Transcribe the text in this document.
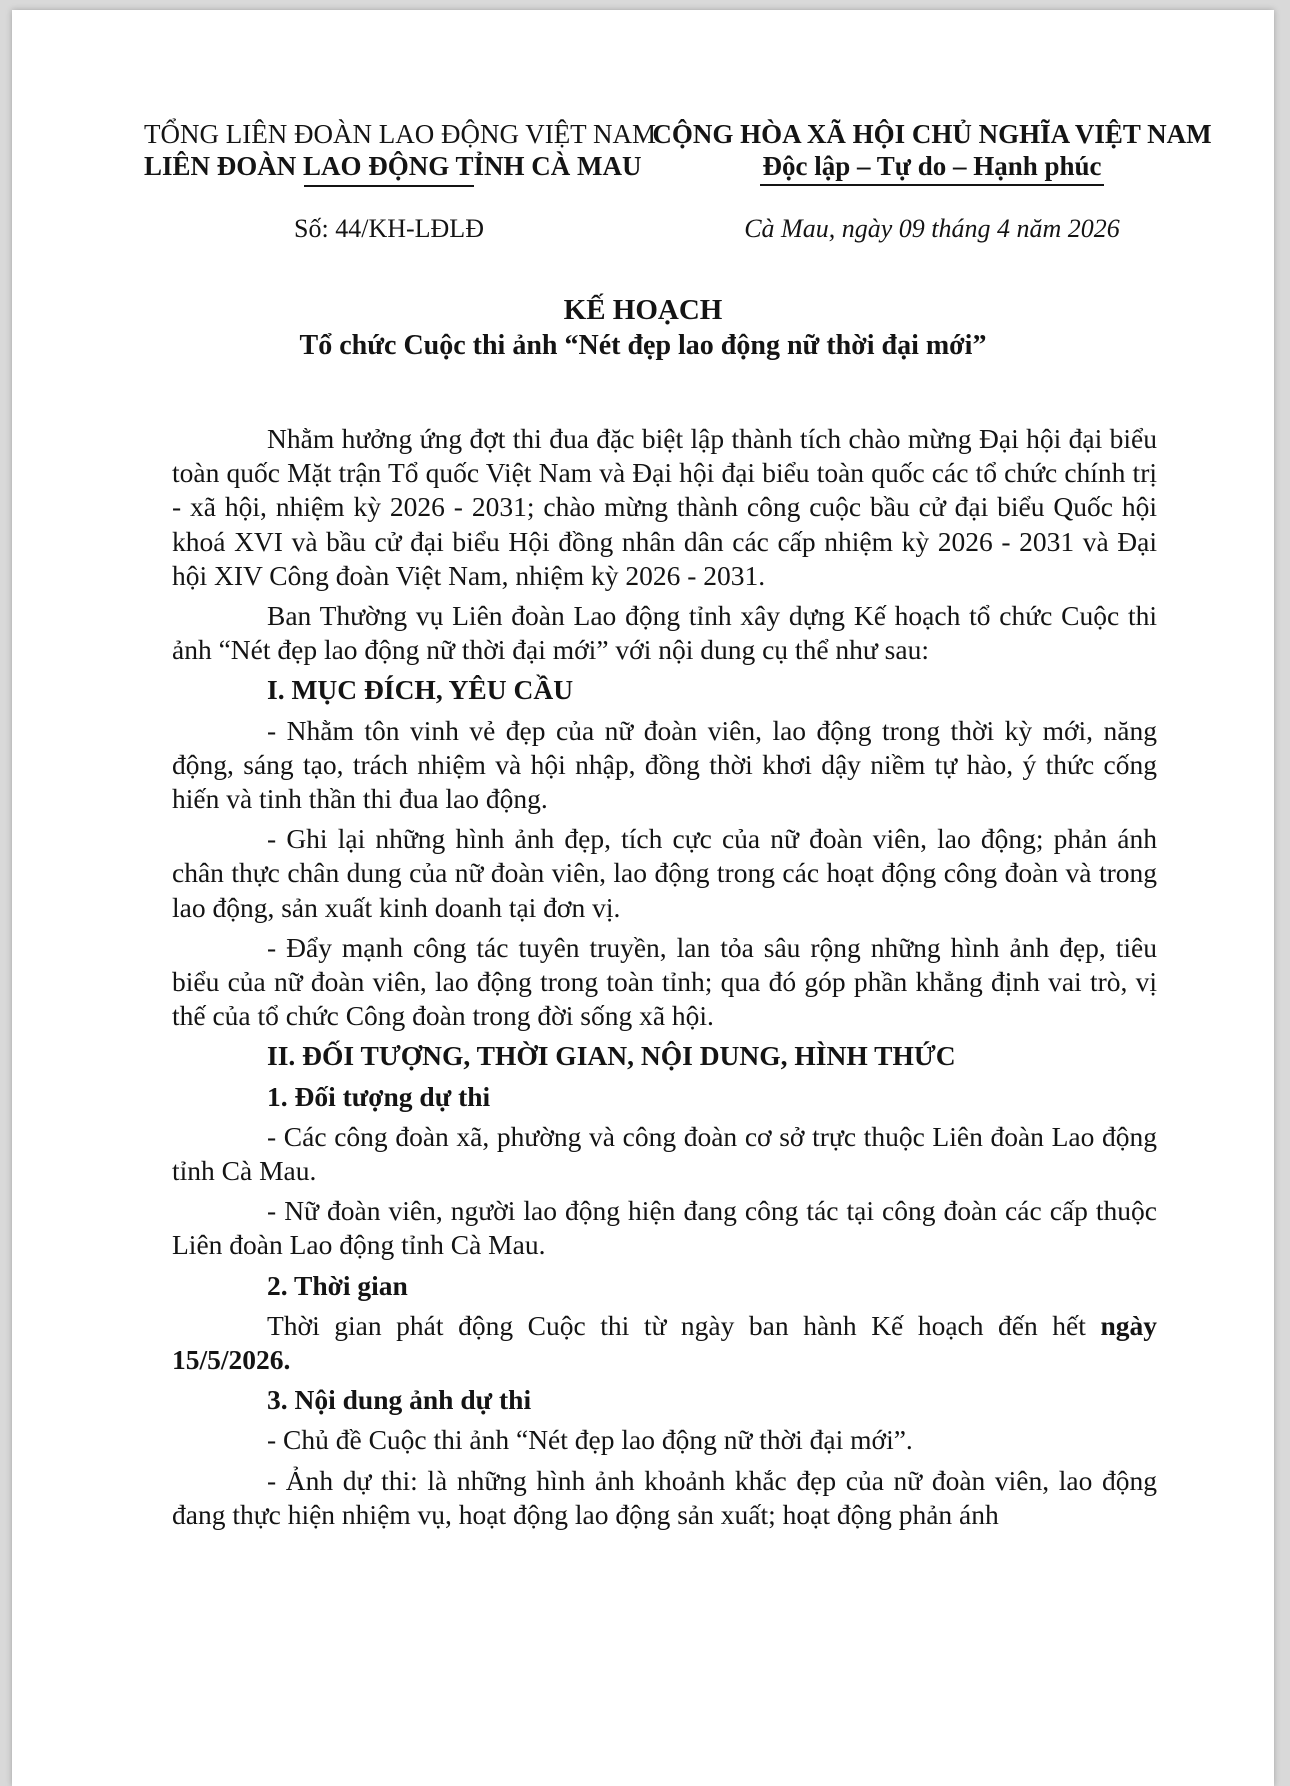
TỔNG LIÊN ĐOÀN LAO ĐỘNG VIỆT NAM
LIÊN ĐOÀN LAO ĐỘNG TỈNH CÀ MAU
CỘNG HÒA XÃ HỘI CHỦ NGHĨA VIỆT NAM
Độc lập – Tự do – Hạnh phúc
Số: 44/KH-LĐLĐ	Cà Mau, ngày 09 tháng 4 năm 2026
KẾ HOẠCH
Tổ chức Cuộc thi ảnh “Nét đẹp lao động nữ thời đại mới”

Nhằm hưởng ứng đợt thi đua đặc biệt lập thành tích chào mừng Đại hội đại biểu toàn quốc Mặt trận Tổ quốc Việt Nam và Đại hội đại biểu toàn quốc các tổ chức chính trị - xã hội, nhiệm kỳ 2026 - 2031; chào mừng thành công cuộc bầu cử đại biểu Quốc hội khoá XVI và bầu cử đại biểu Hội đồng nhân dân các cấp nhiệm kỳ 2026 - 2031 và Đại hội XIV Công đoàn Việt Nam, nhiệm kỳ 2026 - 2031.

Ban Thường vụ Liên đoàn Lao động tỉnh xây dựng Kế hoạch tổ chức Cuộc thi ảnh “Nét đẹp lao động nữ thời đại mới” với nội dung cụ thể như sau:

I. MỤC ĐÍCH, YÊU CẦU

- Nhằm tôn vinh vẻ đẹp của nữ đoàn viên, lao động trong thời kỳ mới, năng động, sáng tạo, trách nhiệm và hội nhập, đồng thời khơi dậy niềm tự hào, ý thức cống hiến và tinh thần thi đua lao động.

- Ghi lại những hình ảnh đẹp, tích cực của nữ đoàn viên, lao động; phản ánh chân thực chân dung của nữ đoàn viên, lao động trong các hoạt động công đoàn và trong lao động, sản xuất kinh doanh tại đơn vị.

- Đẩy mạnh công tác tuyên truyền, lan tỏa sâu rộng những hình ảnh đẹp, tiêu biểu của nữ đoàn viên, lao động trong toàn tỉnh; qua đó góp phần khẳng định vai trò, vị thế của tổ chức Công đoàn trong đời sống xã hội.

II. ĐỐI TƯỢNG, THỜI GIAN, NỘI DUNG, HÌNH THỨC

1. Đối tượng dự thi

- Các công đoàn xã, phường và công đoàn cơ sở trực thuộc Liên đoàn Lao động tỉnh Cà Mau.

- Nữ đoàn viên, người lao động hiện đang công tác tại công đoàn các cấp thuộc Liên đoàn Lao động tỉnh Cà Mau.

2. Thời gian

Thời gian phát động Cuộc thi từ ngày ban hành Kế hoạch đến hết ngày 15/5/2026.

3. Nội dung ảnh dự thi

- Chủ đề Cuộc thi ảnh “Nét đẹp lao động nữ thời đại mới”.

- Ảnh dự thi: là những hình ảnh khoảnh khắc đẹp của nữ đoàn viên, lao động đang thực hiện nhiệm vụ, hoạt động lao động sản xuất; hoạt động phản ánh
